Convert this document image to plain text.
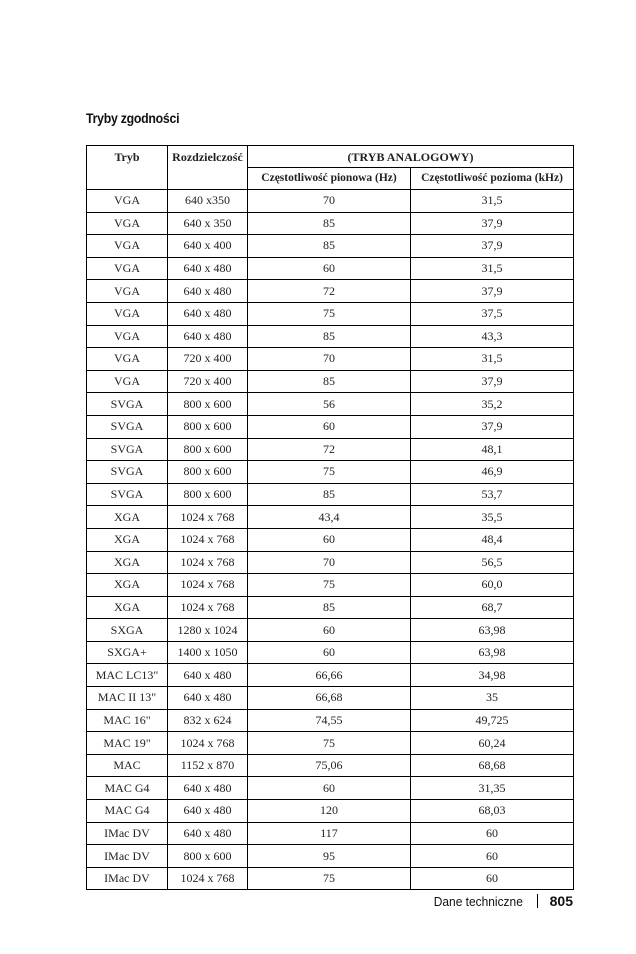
Tryby zgodności
Tryb	Rozdzielczość	(TRYB ANALOGOWY)	
		Częstotliwość pionowa (Hz)	Częstotliwość pozioma (kHz)
VGA	640 x350	70	31,5
VGA	640 x 350	85	37,9
VGA	640 x 400	85	37,9
VGA	640 x 480	60	31,5
VGA	640 x 480	72	37,9
VGA	640 x 480	75	37,5
VGA	640 x 480	85	43,3
VGA	720 x 400	70	31,5
VGA	720 x 400	85	37,9
SVGA	800 x 600	56	35,2
SVGA	800 x 600	60	37,9
SVGA	800 x 600	72	48,1
SVGA	800 x 600	75	46,9
SVGA	800 x 600	85	53,7
XGA	1024 x 768	43,4	35,5
XGA	1024 x 768	60	48,4
XGA	1024 x 768	70	56,5
XGA	1024 x 768	75	60,0
XGA	1024 x 768	85	68,7
SXGA	1280 x 1024	60	63,98
SXGA+	1400 x 1050	60	63,98
MAC LC13"	640 x 480	66,66	34,98
MAC II 13"	640 x 480	66,68	35
MAC 16"	832 x 624	74,55	49,725
MAC 19"	1024 x 768	75	60,24
MAC	1152 x 870	75,06	68,68
MAC G4	640 x 480	60	31,35
MAC G4	640 x 480	120	68,03
IMac DV	640 x 480	117	60
IMac DV	800 x 600	95	60
IMac DV	1024 x 768	75	60
Dane techniczne 805
